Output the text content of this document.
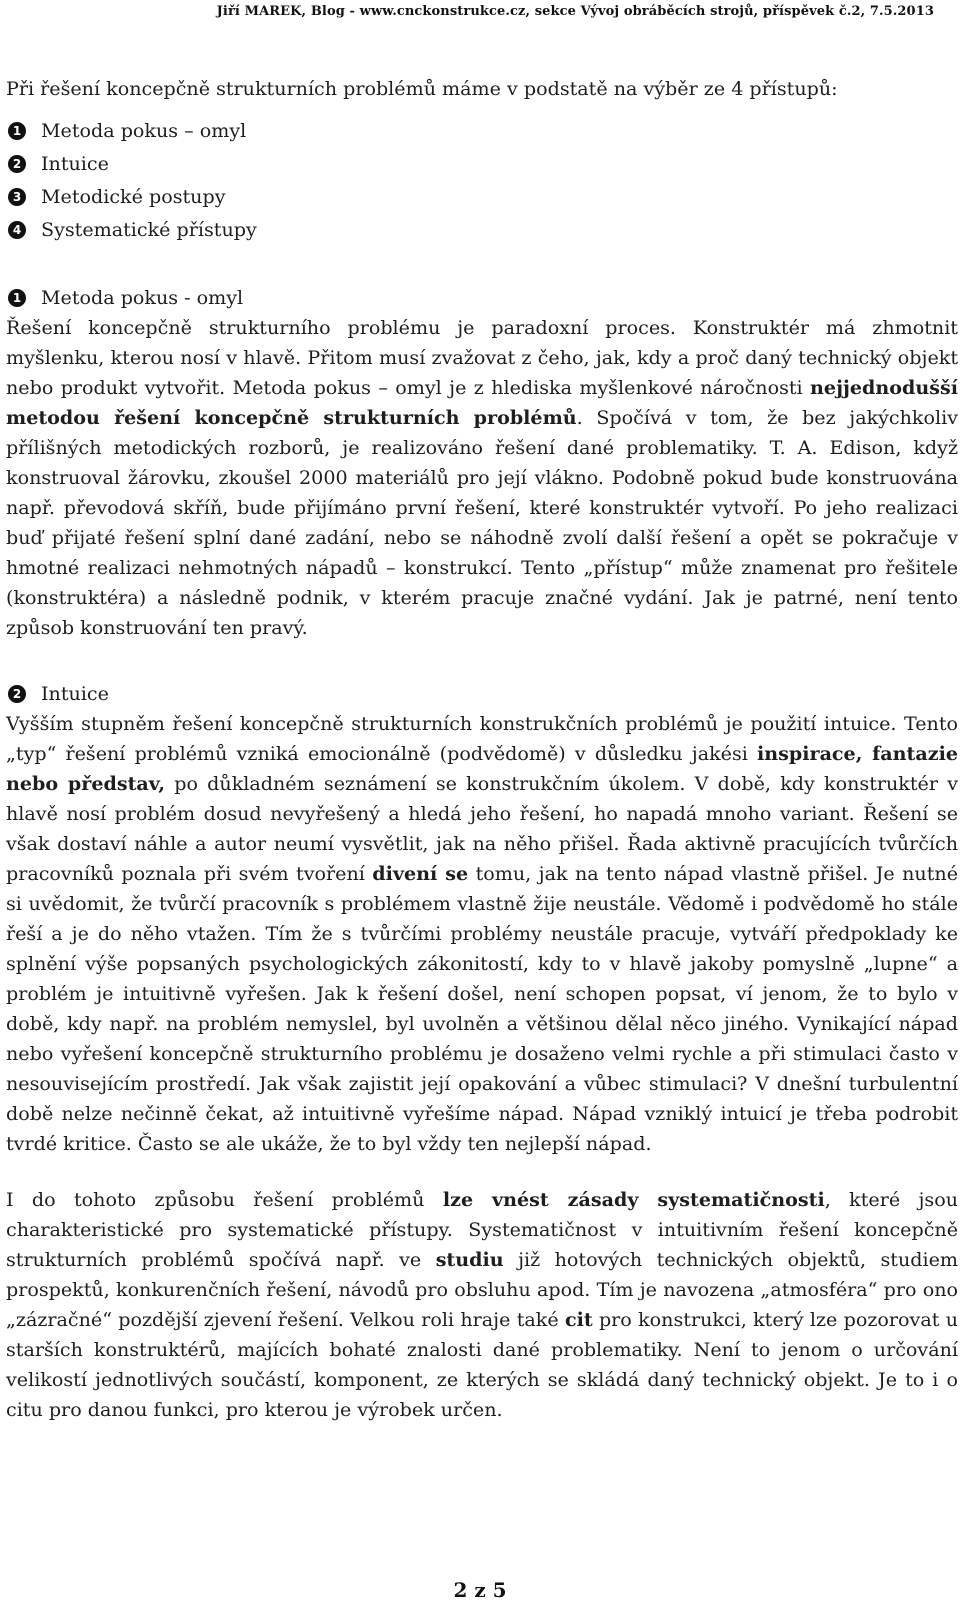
Jiří MAREK, Blog - www.cnckonstrukce.cz, sekce Vývoj obráběcích strojů, příspěvek č.2, 7.5.2013

Při řešení koncepčně strukturních problémů máme v podstatě na výběr ze 4 přístupů:

1 Metoda pokus – omyl
2 Intuice
3 Metodické postupy
4 Systematické přístupy
1 Metoda pokus - omyl

Řešení koncepčně strukturního problému je paradoxní proces. Konstruktér má zhmotnit myšlenku, kterou nosí v hlavě. Přitom musí zvažovat z čeho, jak, kdy a proč daný technický objekt nebo produkt vytvořit. Metoda pokus – omyl je z hlediska myšlenkové náročnosti nejjednodušší metodou řešení koncepčně strukturních problémů. Spočívá v tom, že bez jakýchkoliv přílišných metodických rozborů, je realizováno řešení dané problematiky. T. A. Edison, když konstruoval žárovku, zkoušel 2000 materiálů pro její vlákno. Podobně pokud bude konstruována např. převodová skříň, bude přijímáno první řešení, které konstruktér vytvoří. Po jeho realizaci buď přijaté řešení splní dané zadání, nebo se náhodně zvolí další řešení a opět se pokračuje v hmotné realizaci nehmotných nápadů – konstrukcí. Tento „přístup“ může znamenat pro řešitele (konstruktéra) a následně podnik, v kterém pracuje značné vydání. Jak je patrné, není tento způsob konstruování ten pravý.

2 Intuice

Vyšším stupněm řešení koncepčně strukturních konstrukčních problémů je použití intuice. Tento „typ“ řešení problémů vzniká emocionálně (podvědomě) v důsledku jakési inspirace, fantazie nebo představ, po důkladném seznámení se konstrukčním úkolem. V době, kdy konstruktér v hlavě nosí problém dosud nevyřešený a hledá jeho řešení, ho napadá mnoho variant. Řešení se však dostaví náhle a autor neumí vysvětlit, jak na něho přišel. Řada aktivně pracujících tvůrčích pracovníků poznala při svém tvoření divení se tomu, jak na tento nápad vlastně přišel. Je nutné si uvědomit, že tvůrčí pracovník s problémem vlastně žije neustále. Vědomě i podvědomě ho stále řeší a je do něho vtažen. Tím že s tvůrčími problémy neustále pracuje, vytváří předpoklady ke splnění výše popsaných psychologických zákonitostí, kdy to v hlavě jakoby pomyslně „lupne“ a problém je intuitivně vyřešen. Jak k řešení došel, není schopen popsat, ví jenom, že to bylo v době, kdy např. na problém nemyslel, byl uvolněn a většinou dělal něco jiného. Vynikající nápad nebo vyřešení koncepčně strukturního problému je dosaženo velmi rychle a při stimulaci často v nesouvisejícím prostředí. Jak však zajistit její opakování a vůbec stimulaci? V dnešní turbulentní době nelze nečinně čekat, až intuitivně vyřešíme nápad. Nápad vzniklý intuicí je třeba podrobit tvrdé kritice. Často se ale ukáže, že to byl vždy ten nejlepší nápad.

I do tohoto způsobu řešení problémů lze vnést zásady systematičnosti, které jsou charakteristické pro systematické přístupy. Systematičnost v intuitivním řešení koncepčně strukturních problémů spočívá např. ve studiu již hotových technických objektů, studiem prospektů, konkurenčních řešení, návodů pro obsluhu apod. Tím je navozena „atmosféra“ pro ono „zázračné“ pozdější zjevení řešení. Velkou roli hraje také cit pro konstrukci, který lze pozorovat u starších konstruktérů, majících bohaté znalosti dané problematiky. Není to jenom o určování velikostí jednotlivých součástí, komponent, ze kterých se skládá daný technický objekt. Je to i o citu pro danou funkci, pro kterou je výrobek určen.

2 z 5
